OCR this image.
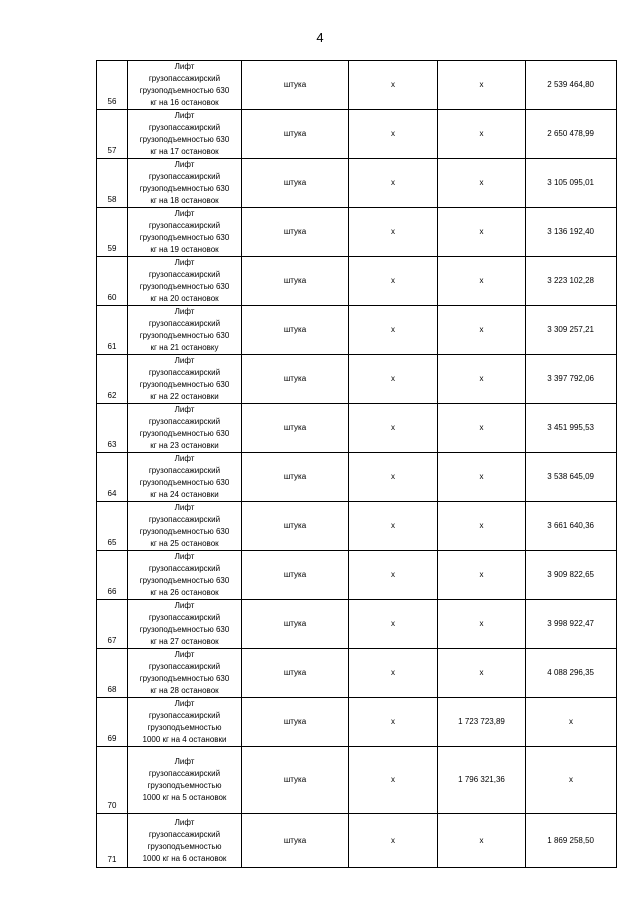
4
56	Лифт
грузопассажирский
грузоподъемностью 630
кг на 16 остановок	штука	x	x	2 539 464,80
57	Лифт
грузопассажирский
грузоподъемностью 630
кг на 17 остановок	штука	x	x	2 650 478,99
58	Лифт
грузопассажирский
грузоподъемностью 630
кг на 18 остановок	штука	x	x	3 105 095,01
59	Лифт
грузопассажирский
грузоподъемностью 630
кг на 19 остановок	штука	x	x	3 136 192,40
60	Лифт
грузопассажирский
грузоподъемностью 630
кг на 20 остановок	штука	x	x	3 223 102,28
61	Лифт
грузопассажирский
грузоподъемностью 630
кг на 21 остановку	штука	x	x	3 309 257,21
62	Лифт
грузопассажирский
грузоподъемностью 630
кг на 22 остановки	штука	x	x	3 397 792,06
63	Лифт
грузопассажирский
грузоподъемностью 630
кг на 23 остановки	штука	x	x	3 451 995,53
64	Лифт
грузопассажирский
грузоподъемностью 630
кг на 24 остановки	штука	x	x	3 538 645,09
65	Лифт
грузопассажирский
грузоподъемностью 630
кг на 25 остановок	штука	x	x	3 661 640,36
66	Лифт
грузопассажирский
грузоподъемностью 630
кг на 26 остановок	штука	x	x	3 909 822,65
67	Лифт
грузопассажирский
грузоподъемностью 630
кг на 27 остановок	штука	x	x	3 998 922,47
68	Лифт
грузопассажирский
грузоподъемностью 630
кг на 28 остановок	штука	x	x	4 088 296,35
69	Лифт
грузопассажирский
грузоподъемностью
1000 кг на 4 остановки	штука	x	1 723 723,89	x
70	Лифт
грузопассажирский
грузоподъемностью
1000 кг на 5 остановок	штука	x	1 796 321,36	x
71	Лифт
грузопассажирский
грузоподъемностью
1000 кг на 6 остановок	штука	x	x	1 869 258,50
